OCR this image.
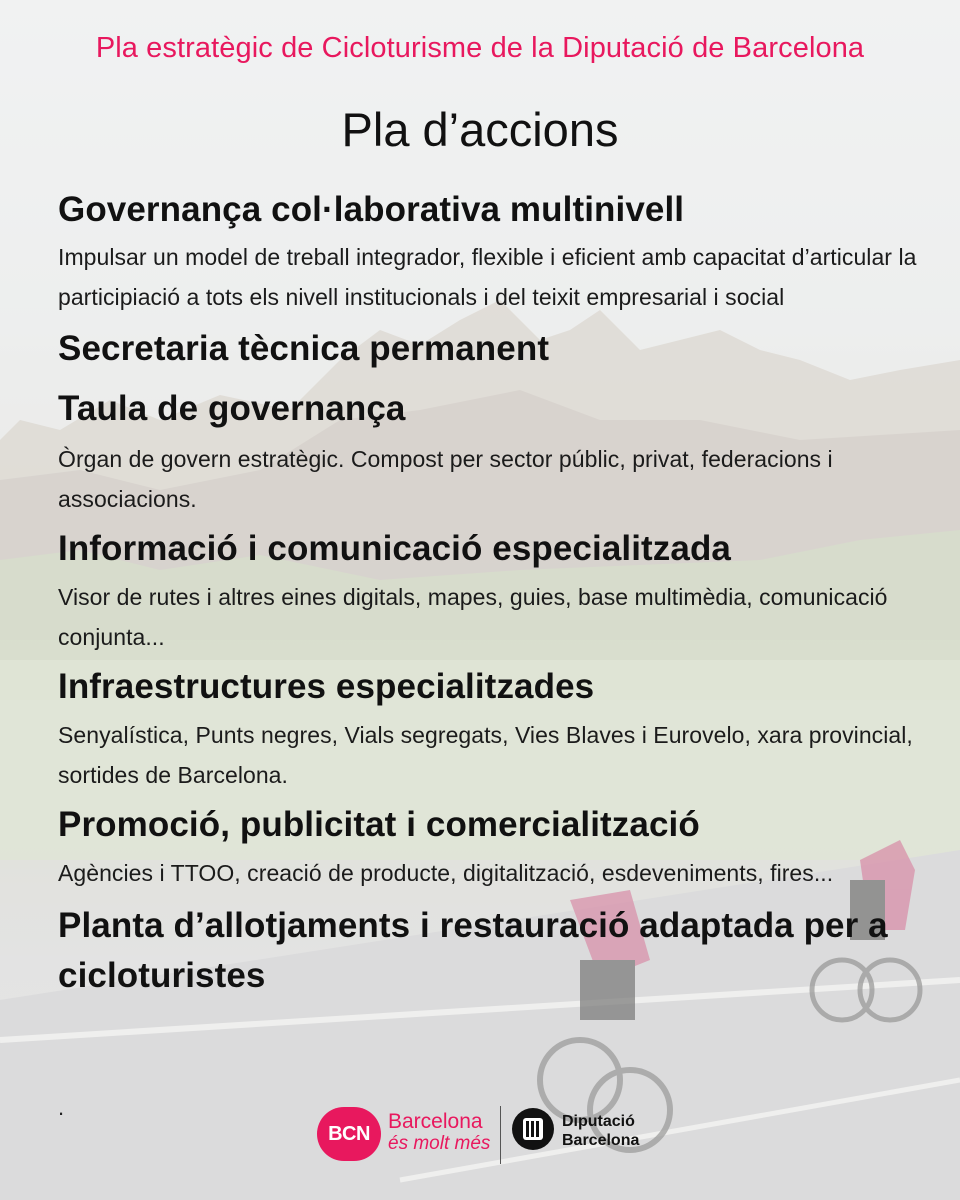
Pla estratègic de Cicloturisme de la Diputació de Barcelona
Pla d’accions
Governança col·laborativa multinivell

Impulsar un model de treball integrador, flexible i eficient amb capacitat d’articular la participiació a tots els nivell institucionals i del teixit empresarial i social

Secretaria tècnica permanent
Taula de governança

Òrgan de govern estratègic. Compost per sector públic, privat, federacions i associacions.

Informació i comunicació especialitzada

Visor de rutes i altres eines digitals, mapes, guies, base multimèdia, comunicació conjunta...

Infraestructures especialitzades

Senyalística, Punts negres, Vials segregats, Vies Blaves i Eurovelo, xara provincial, sortides de Barcelona.

Promoció, publicitat i comercialització

Agències i TTOO, creació de producte, digitalització, esdeveniments, fires...

Planta d’allotjaments i restauració adaptada per a cicloturistes
.
BCN
Barcelona
és molt més
Diputació
Barcelona
